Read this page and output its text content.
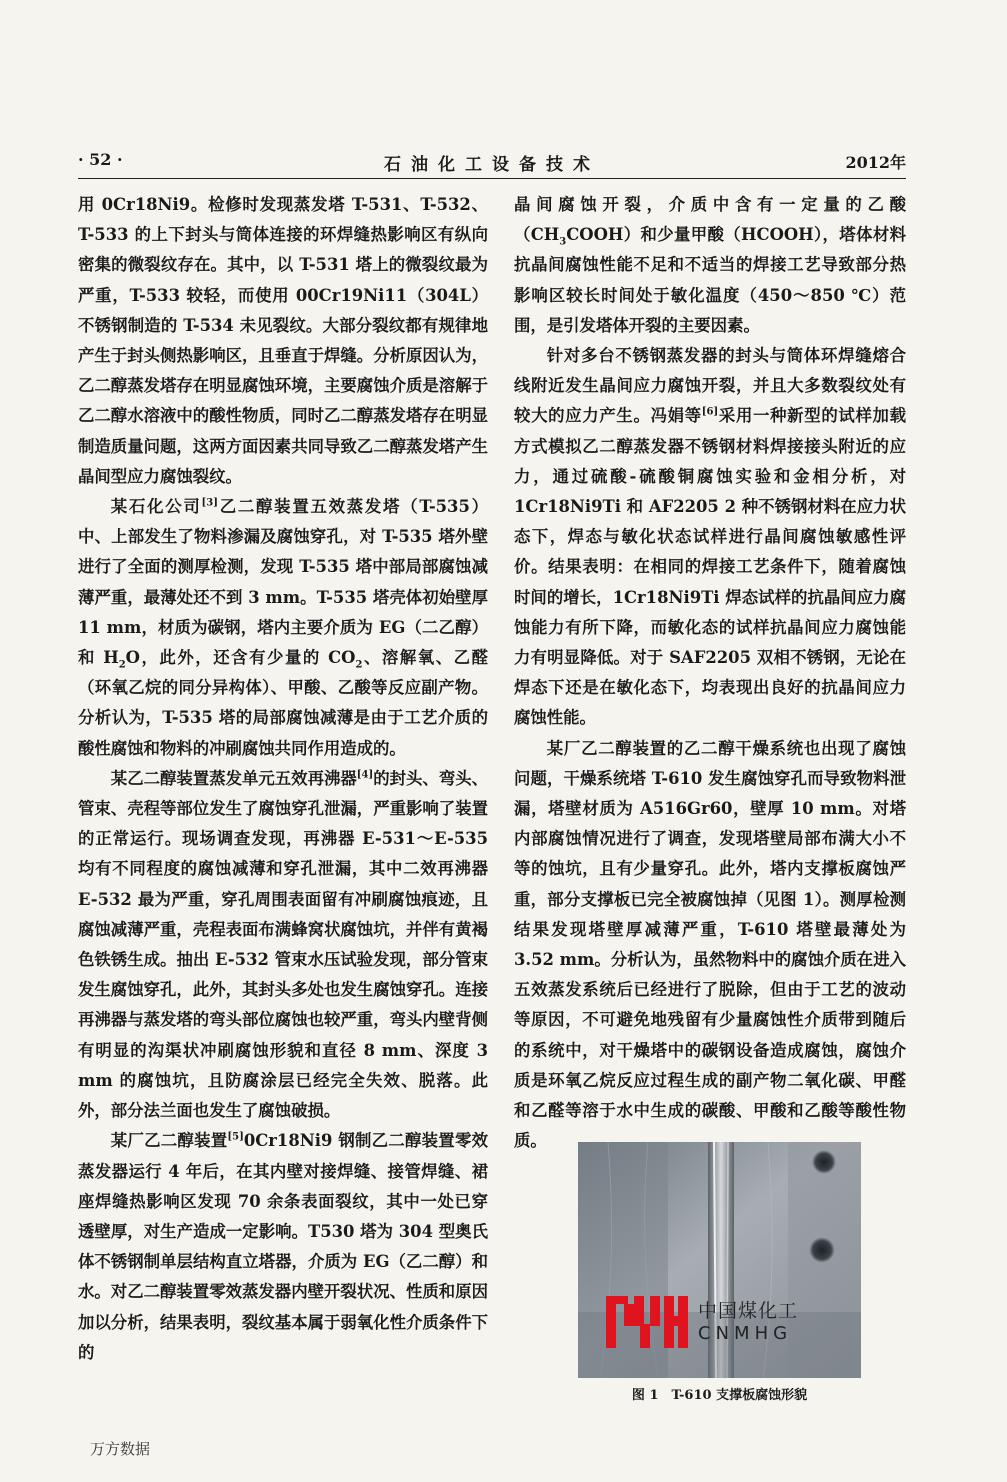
· 52 ·	石油化工设备技术	2012年

用 0Cr18Ni9。检修时发现蒸发塔 T-531、T-532、T-533 的上下封头与筒体连接的环焊缝热影响区有纵向密集的微裂纹存在。其中，以 T-531 塔上的微裂纹最为严重，T-533 较轻，而使用 00Cr19Ni11（304L）不锈钢制造的 T-534 未见裂纹。大部分裂纹都有规律地产生于封头侧热影响区，且垂直于焊缝。分析原因认为，乙二醇蒸发塔存在明显腐蚀环境，主要腐蚀介质是溶解于乙二醇水溶液中的酸性物质，同时乙二醇蒸发塔存在明显制造质量问题，这两方面因素共同导致乙二醇蒸发塔产生晶间型应力腐蚀裂纹。

某石化公司[3]乙二醇装置五效蒸发塔（T-535）中、上部发生了物料渗漏及腐蚀穿孔，对 T-535 塔外壁进行了全面的测厚检测，发现 T-535 塔中部局部腐蚀减薄严重，最薄处还不到 3 mm。T-535 塔壳体初始壁厚 11 mm，材质为碳钢，塔内主要介质为 EG（二乙醇）和 $H_2O$，此外，还含有少量的 $CO_2$、溶解氧、乙醛（环氧乙烷的同分异构体）、甲酸、乙酸等反应副产物。分析认为，T-535 塔的局部腐蚀减薄是由于工艺介质的酸性腐蚀和物料的冲刷腐蚀共同作用造成的。

某乙二醇装置蒸发单元五效再沸器[4]的封头、弯头、管束、壳程等部位发生了腐蚀穿孔泄漏，严重影响了装置的正常运行。现场调查发现，再沸器 E-531～E-535 均有不同程度的腐蚀减薄和穿孔泄漏，其中二效再沸器 E-532 最为严重，穿孔周围表面留有冲刷腐蚀痕迹，且腐蚀减薄严重，壳程表面布满蜂窝状腐蚀坑，并伴有黄褐色铁锈生成。抽出 E-532 管束水压试验发现，部分管束发生腐蚀穿孔，此外，其封头多处也发生腐蚀穿孔。连接再沸器与蒸发塔的弯头部位腐蚀也较严重，弯头内壁背侧有明显的沟渠状冲刷腐蚀形貌和直径 8 mm、深度 3 mm 的腐蚀坑，且防腐涂层已经完全失效、脱落。此外，部分法兰面也发生了腐蚀破损。

某厂乙二醇装置[5]0Cr18Ni9 钢制乙二醇装置零效蒸发器运行 4 年后，在其内壁对接焊缝、接管焊缝、裙座焊缝热影响区发现 70 余条表面裂纹，其中一处已穿透壁厚，对生产造成一定影响。T530 塔为 304 型奥氏体不锈钢制单层结构直立塔器，介质为 EG（乙二醇）和水。对乙二醇装置零效蒸发器内壁开裂状况、性质和原因加以分析，结果表明，裂纹基本属于弱氧化性介质条件下的

晶间腐蚀开裂，介质中含有一定量的乙酸$(CH_3COOH)$和少量甲酸（HCOOH），塔体材料抗晶间腐蚀性能不足和不适当的焊接工艺导致部分热影响区较长时间处于敏化温度（450～850 ℃）范围，是引发塔体开裂的主要因素。

针对多台不锈钢蒸发器的封头与筒体环焊缝熔合线附近发生晶间应力腐蚀开裂，并且大多数裂纹处有较大的应力产生。冯娟等[6]采用一种新型的试样加载方式模拟乙二醇蒸发器不锈钢材料焊接接头附近的应力，通过硫酸-硫酸铜腐蚀实验和金相分析，对 1Cr18Ni9Ti 和 AF2205 2 种不锈钢材料在应力状态下，焊态与敏化状态试样进行晶间腐蚀敏感性评价。结果表明：在相同的焊接工艺条件下，随着腐蚀时间的增长，1Cr18Ni9Ti 焊态试样的抗晶间应力腐蚀能力有所下降，而敏化态的试样抗晶间应力腐蚀能力有明显降低。对于 SAF2205 双相不锈钢，无论在焊态下还是在敏化态下，均表现出良好的抗晶间应力腐蚀性能。

某厂乙二醇装置的乙二醇干燥系统也出现了腐蚀问题，干燥系统塔 T-610 发生腐蚀穿孔而导致物料泄漏，塔壁材质为 A516Gr60，壁厚 10 mm。对塔内部腐蚀情况进行了调查，发现塔壁局部布满大小不等的蚀坑，且有少量穿孔。此外，塔内支撑板腐蚀严重，部分支撑板已完全被腐蚀掉（见图 1）。测厚检测结果发现塔壁厚减薄严重，T-610 塔壁最薄处为 3.52 mm。分析认为，虽然物料中的腐蚀介质在进入五效蒸发系统后已经进行了脱除，但由于工艺的波动等原因，不可避免地残留有少量腐蚀性介质带到随后的系统中，对干燥塔中的碳钢设备造成腐蚀，腐蚀介质是环氧乙烷反应过程生成的副产物二氧化碳、甲醛和乙醛等溶于水中生成的碳酸、甲酸和乙酸等酸性物质。

中国煤化工
CNMHG
图 1　T-610 支撑板腐蚀形貌
万方数据
